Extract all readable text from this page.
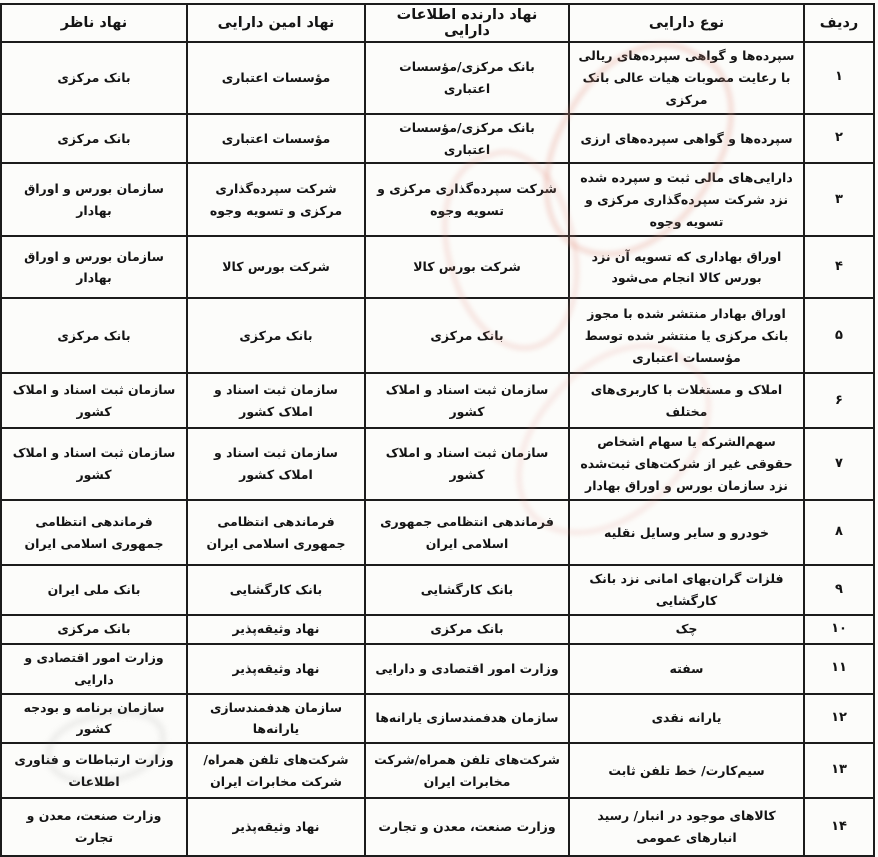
ردیف	نوع دارایی	نهاد دارنده اطلاعات دارایی	نهاد امین دارایی	نهاد ناظر
۱	سپرده‌ها و گواهی سپرده‌های ریالی با رعایت مصوبات هیات عالی بانک مرکزی	بانک مرکزی/مؤسسات اعتباری	مؤسسات اعتباری	بانک مرکزی
۲	سپرده‌ها و گواهی سپرده‌های ارزی	بانک مرکزی/مؤسسات اعتباری	مؤسسات اعتباری	بانک مرکزی
۳	دارایی‌های مالی ثبت و سپرده شده نزد شرکت سپرده‌گذاری مرکزی و تسویه وجوه	شرکت سپرده‌گذاری مرکزی و تسویه وجوه	شرکت سپرده‌گذاری مرکزی و تسویه وجوه	سازمان بورس و اوراق بهادار
۴	اوراق بهاداری که تسویه آن نزد بورس کالا انجام می‌شود	شرکت بورس کالا	شرکت بورس کالا	سازمان بورس و اوراق بهادار
۵	اوراق بهادار منتشر شده با مجوز بانک مرکزی یا منتشر شده توسط مؤسسات اعتباری	بانک مرکزی	بانک مرکزی	بانک مرکزی
۶	املاک و مستغلات با کاربری‌های مختلف	سازمان ثبت اسناد و املاک کشور	سازمان ثبت اسناد و املاک کشور	سازمان ثبت اسناد و املاک کشور
۷	سهم‌الشرکه یا سهام اشخاص حقوقی غیر از شرکت‌های ثبت‌شده نزد سازمان بورس و اوراق بهادار	سازمان ثبت اسناد و املاک کشور	سازمان ثبت اسناد و املاک کشور	سازمان ثبت اسناد و املاک کشور
۸	خودرو و سایر وسایل نقلیه	فرماندهی انتظامی جمهوری اسلامی ایران	فرماندهی انتظامی جمهوری اسلامی ایران	فرماندهی انتظامی جمهوری اسلامی ایران
۹	فلزات گران‌بهای امانی نزد بانک کارگشایی	بانک کارگشایی	بانک کارگشایی	بانک ملی ایران
۱۰	چک	بانک مرکزی	نهاد وثیقه‌پذیر	بانک مرکزی
۱۱	سفته	وزارت امور اقتصادی و دارایی	نهاد وثیقه‌پذیر	وزارت امور اقتصادی و دارایی
۱۲	یارانه نقدی	سازمان هدفمندسازی یارانه‌ها	سازمان هدفمندسازی یارانه‌ها	سازمان برنامه و بودجه کشور
۱۳	سیم‌کارت/ خط تلفن ثابت	شرکت‌های تلفن همراه/شرکت مخابرات ایران	شرکت‌های تلفن همراه/شرکت مخابرات ایران	وزارت ارتباطات و فناوری اطلاعات
۱۴	کالاهای موجود در انبار/ رسید انبارهای عمومی	وزارت صنعت، معدن و تجارت	نهاد وثیقه‌پذیر	وزارت صنعت، معدن و تجارت
